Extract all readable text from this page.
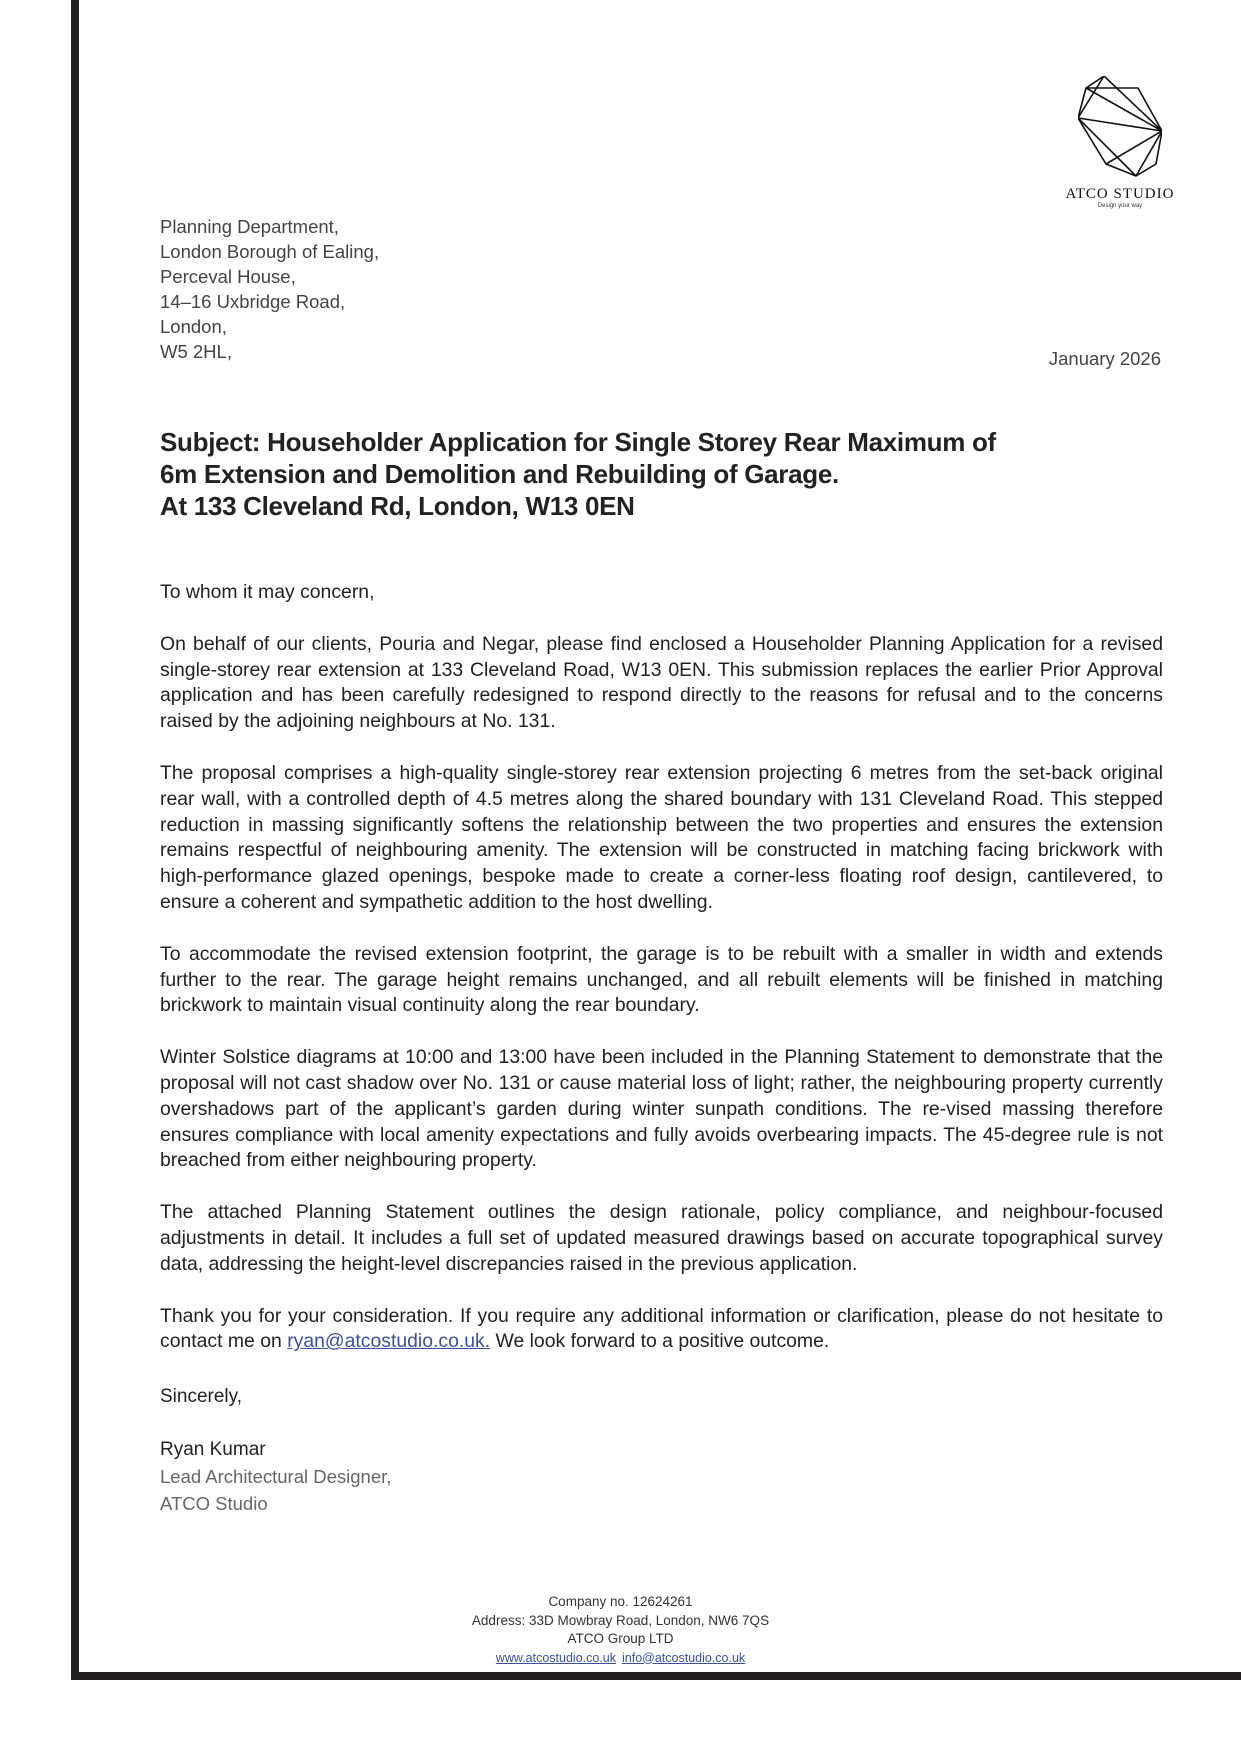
ATCO STUDIO
Design your way
Planning Department,
London Borough of Ealing,
Perceval House,
14–16 Uxbridge Road,
London,
W5 2HL,	January 2026
Subject: Householder Application for Single Storey Rear Maximum of
6m Extension and Demolition and Rebuilding of Garage.
At 133 Cleveland Rd, London, W13 0EN

To whom it may concern,

On behalf of our clients, Pouria and Negar, please find enclosed a Householder Planning Application for a revised single-storey rear extension at 133 Cleveland Road, W13 0EN. This submission replaces the earlier Prior Approval application and has been carefully redesigned to respond directly to the reasons for refusal and to the concerns raised by the adjoining neighbours at No. 131.

The proposal comprises a high-quality single-storey rear extension projecting 6 metres from the set-back original rear wall, with a controlled depth of 4.5 metres along the shared boundary with 131 Cleveland Road. This stepped reduction in massing significantly softens the relationship between the two properties and ensures the extension remains respectful of neighbouring amenity. The extension will be constructed in matching facing brickwork with high-performance glazed openings, bespoke made to create a corner-less floating roof design, cantilevered, to ensure a coherent and sympathetic addition to the host dwelling.

To accommodate the revised extension footprint, the garage is to be rebuilt with a smaller in width and extends further to the rear. The garage height remains unchanged, and all rebuilt elements will be finished in matching brickwork to maintain visual continuity along the rear boundary.

Winter Solstice diagrams at 10:00 and 13:00 have been included in the Planning Statement to demonstrate that the proposal will not cast shadow over No. 131 or cause material loss of light; rather, the neighbouring property currently overshadows part of the applicant’s garden during winter sunpath conditions. The re-vised massing therefore ensures compliance with local amenity expectations and fully avoids overbearing impacts. The 45-degree rule is not breached from either neighbouring property.

The attached Planning Statement outlines the design rationale, policy compliance, and neighbour-focused adjustments in detail. It includes a full set of updated measured drawings based on accurate topographical survey data, addressing the height-level discrepancies raised in the previous application.

Thank you for your consideration. If you require any additional information or clarification, please do not hesitate to contact me on ryan@atcostudio.co.uk. We look forward to a positive outcome.

Sincerely,
Ryan Kumar
Lead Architectural Designer,
ATCO Studio
Company no. 12624261
Address: 33D Mowbray Road, London, NW6 7QS
ATCO Group LTD
www.atcostudio.co.uk info@atcostudio.co.uk
